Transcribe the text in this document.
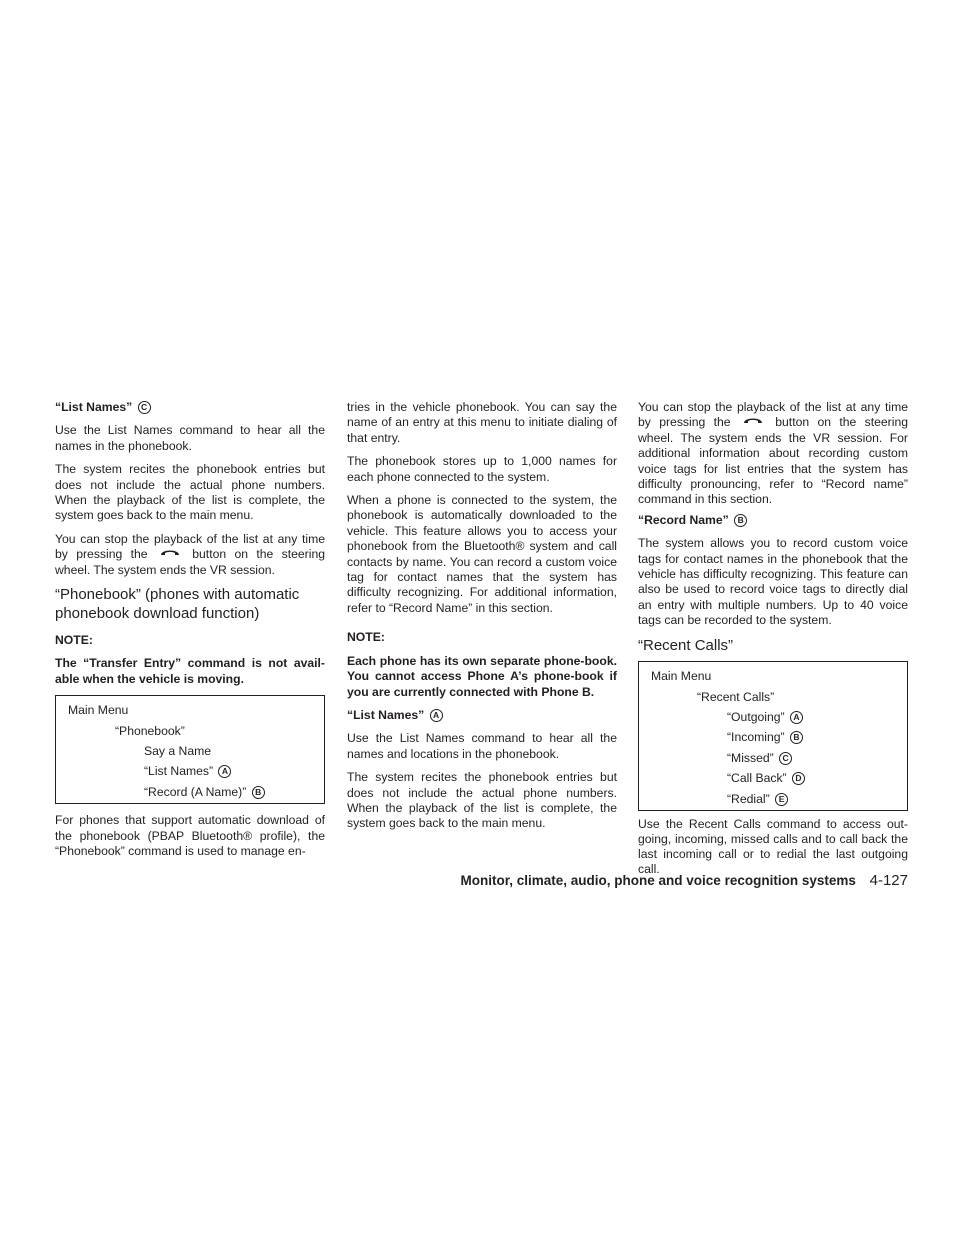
“List Names” C

Use the List Names command to hear all the names in the phonebook.

The system recites the phonebook entries but does not include the actual phone numbers. When the playback of the list is complete, the system goes back to the main menu.

You can stop the playback of the list at any time by pressing the	button on the steering wheel. The system ends the VR session.

“Phonebook” (phones with automatic phonebook download function)
NOTE:
The “Transfer Entry” command is not avail-able when the vehicle is moving.
Main Menu
“Phonebook”
Say a Name
“List Names” A
“Record (A Name)” B

For phones that support automatic download of the phonebook (PBAP Bluetooth® profile), the “Phonebook” command is used to manage en-

tries in the vehicle phonebook. You can say the name of an entry at this menu to initiate dialing of that entry.

The phonebook stores up to 1,000 names for each phone connected to the system.

When a phone is connected to the system, the phonebook is automatically downloaded to the vehicle. This feature allows you to access your phonebook from the Bluetooth® system and call contacts by name. You can record a custom voice tag for contact names that the system has difficulty recognizing. For additional information, refer to “Record Name” in this section.

NOTE:
Each phone has its own separate phone-book. You cannot access Phone A’s phone-book if you are currently connected with Phone B.
“List Names” A

Use the List Names command to hear all the names and locations in the phonebook.

The system recites the phonebook entries but does not include the actual phone numbers. When the playback of the list is complete, the system goes back to the main menu.

You can stop the playback of the list at any time by pressing the	button on the steering wheel. The system ends the VR session. For additional information about recording custom voice tags for list entries that the system has difficulty pronouncing, refer to “Record name” command in this section.

“Record Name” B

The system allows you to record custom voice tags for contact names in the phonebook that the vehicle has difficulty recognizing. This feature can also be used to record voice tags to directly dial an entry with multiple numbers. Up to 40 voice tags can be recorded to the system.

“Recent Calls”
Main Menu
“Recent Calls”
“Outgoing” A
“Incoming” B
“Missed” C
“Call Back” D
“Redial” E

Use the Recent Calls command to access out-going, incoming, missed calls and to call back the last incoming call or to redial the last outgoing call.

Monitor, climate, audio, phone and voice recognition systems 4-127
